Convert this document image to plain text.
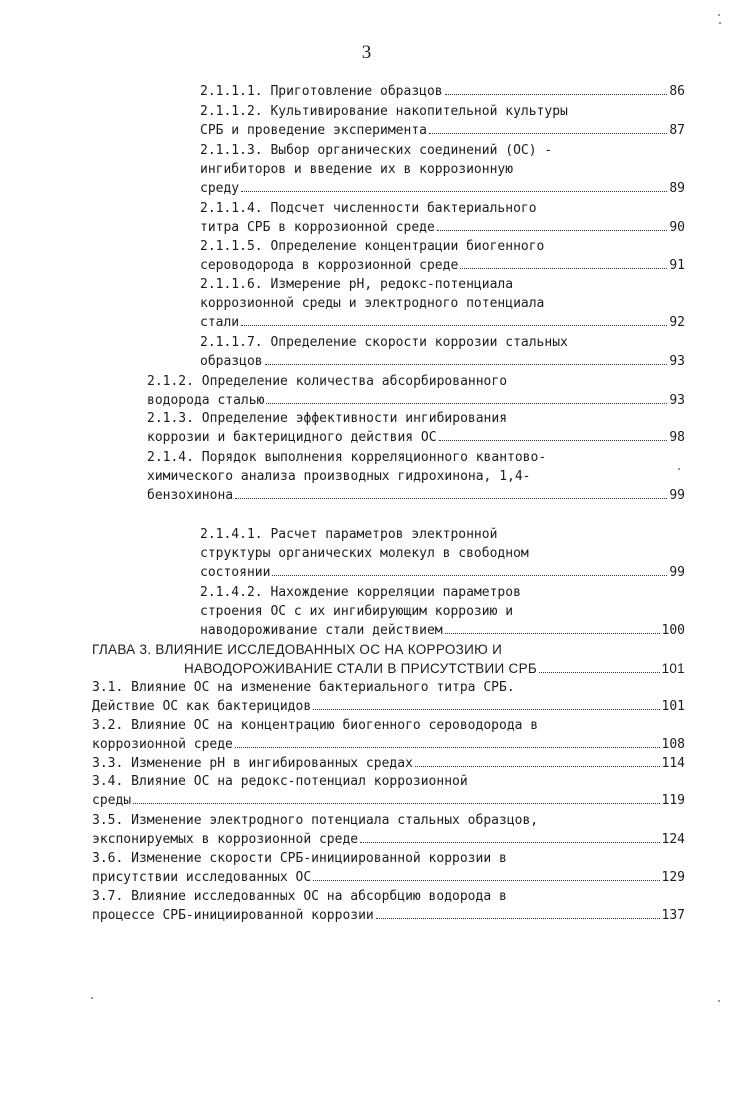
3
2.1.1.1. Приготовление образцов	86
2.1.1.2. Культивирование накопительной культуры
СРБ и проведение эксперимента	87
2.1.1.3. Выбор органических соединений (ОС) -
ингибиторов и введение их в коррозионную
среду	89
2.1.1.4. Подсчет численности бактериального
титра СРБ в коррозионной среде	90
2.1.1.5. Определение концентрации биогенного
сероводорода в коррозионной среде	91
2.1.1.6. Измерение pH, редокс-потенциала
коррозионной среды и электродного потенциала
стали	92
2.1.1.7. Определение скорости коррозии стальных
образцов	93
2.1.2. Определение количества абсорбированного
водорода сталью	93
2.1.3. Определение эффективности ингибирования
коррозии и бактерицидного действия ОС	98
2.1.4. Порядок выполнения корреляционного квантово-
химического анализа производных гидрохинона, 1,4-
бензохинона	99
2.1.4.1. Расчет параметров электронной
структуры органических молекул в свободном
состоянии	99
2.1.4.2. Нахождение корреляции параметров
строения ОС с их ингибирующим коррозию и
наводороживание стали действием	100
ГЛАВА 3. ВЛИЯНИЕ ИССЛЕДОВАННЫХ ОС НА КОРРОЗИЮ И
НАВОДОРОЖИВАНИЕ СТАЛИ В ПРИСУТСТВИИ СРБ	101
3.1. Влияние ОС на изменение бактериального титра СРБ.
Действие ОС как бактерицидов	101
3.2. Влияние ОС на концентрацию биогенного сероводорода в
коррозионной среде	108
3.3. Изменение pH в ингибированных средах	114
3.4. Влияние ОС на редокс-потенциал коррозионной
среды	119
3.5. Изменение электродного потенциала стальных образцов,
экспонируемых в коррозионной среде	124
3.6. Изменение скорости СРБ-инициированной коррозии в
присутствии исследованных ОС	129
3.7. Влияние исследованных ОС на абсорбцию водорода в
процессе СРБ-инициированной коррозии	137
